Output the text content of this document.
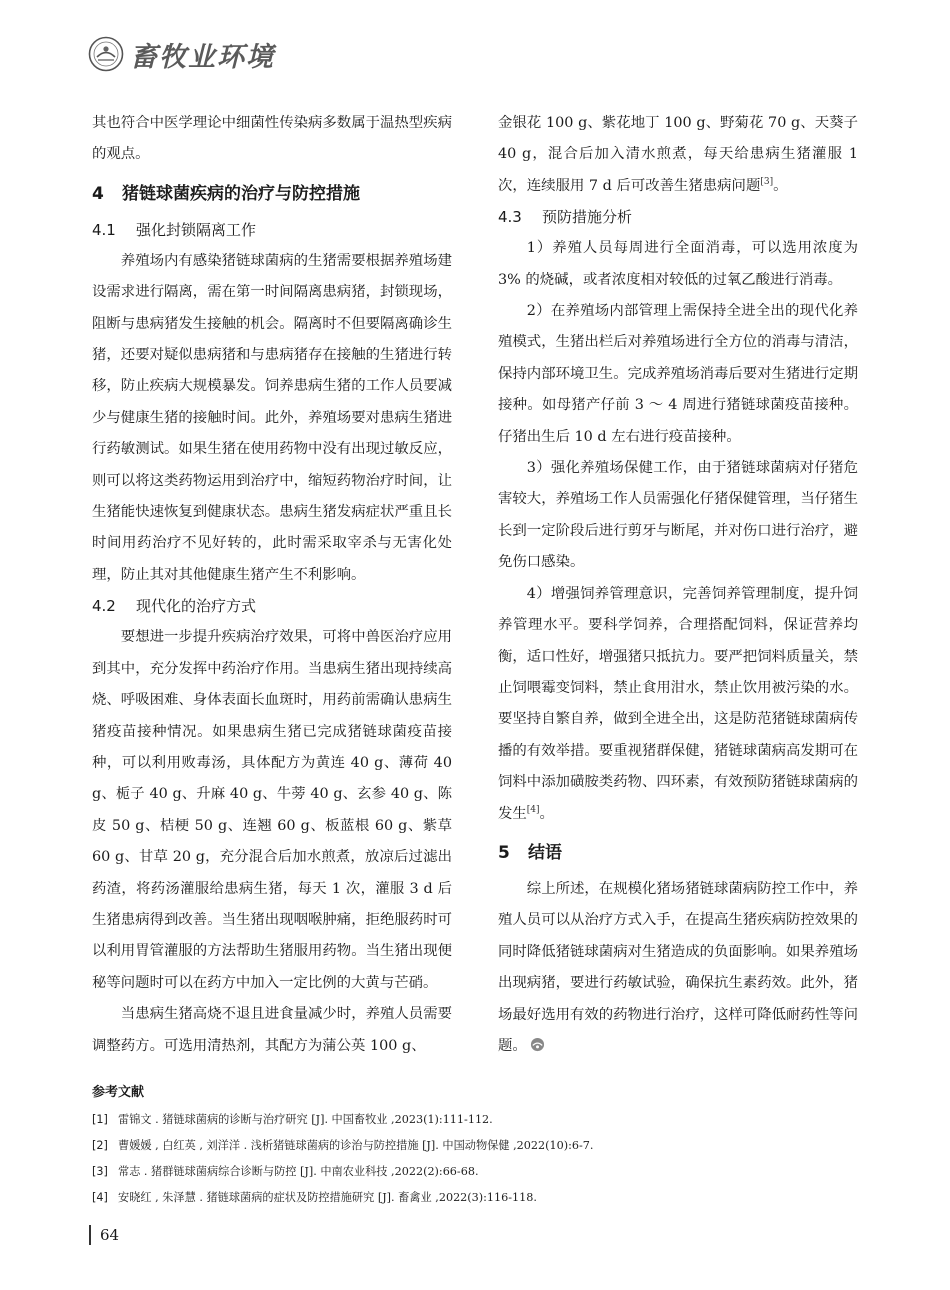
畜牧业环境

其也符合中医学理论中细菌性传染病多数属于温热型疾病的观点。

4 猪链球菌疾病的治疗与防控措施
4.1 强化封锁隔离工作

养殖场内有感染猪链球菌病的生猪需要根据养殖场建设需求进行隔离，需在第一时间隔离患病猪，封锁现场，阻断与患病猪发生接触的机会。隔离时不但要隔离确诊生猪，还要对疑似患病猪和与患病猪存在接触的生猪进行转移，防止疾病大规模暴发。饲养患病生猪的工作人员要减少与健康生猪的接触时间。此外，养殖场要对患病生猪进行药敏测试。如果生猪在使用药物中没有出现过敏反应，则可以将这类药物运用到治疗中，缩短药物治疗时间，让生猪能快速恢复到健康状态。患病生猪发病症状严重且长时间用药治疗不见好转的，此时需采取宰杀与无害化处理，防止其对其他健康生猪产生不利影响。

4.2 现代化的治疗方式

要想进一步提升疾病治疗效果，可将中兽医治疗应用到其中，充分发挥中药治疗作用。当患病生猪出现持续高烧、呼吸困难、身体表面长血斑时，用药前需确认患病生猪疫苗接种情况。如果患病生猪已完成猪链球菌疫苗接种，可以利用败毒汤，具体配方为黄连 40 g、薄荷 40 g、栀子 40 g、升麻 40 g、牛蒡 40 g、玄参 40 g、陈皮 50 g、桔梗 50 g、连翘 60 g、板蓝根 60 g、紫草 60 g、甘草 20 g，充分混合后加水煎煮，放凉后过滤出药渣，将药汤灌服给患病生猪，每天 1 次，灌服 3 d 后生猪患病得到改善。当生猪出现咽喉肿痛，拒绝服药时可以利用胃管灌服的方法帮助生猪服用药物。当生猪出现便秘等问题时可以在药方中加入一定比例的大黄与芒硝。

当患病生猪高烧不退且进食量减少时，养殖人员需要调整药方。可选用清热剂，其配方为蒲公英 100 g、

金银花 100 g、紫花地丁 100 g、野菊花 70 g、天葵子 40 g，混合后加入清水煎煮，每天给患病生猪灌服 1 次，连续服用 7 d 后可改善生猪患病问题[3]。

4.3 预防措施分析

1）养殖人员每周进行全面消毒，可以选用浓度为 3% 的烧碱，或者浓度相对较低的过氧乙酸进行消毒。

2）在养殖场内部管理上需保持全进全出的现代化养殖模式，生猪出栏后对养殖场进行全方位的消毒与清洁，保持内部环境卫生。完成养殖场消毒后要对生猪进行定期接种。如母猪产仔前 3 ～ 4 周进行猪链球菌疫苗接种。仔猪出生后 10 d 左右进行疫苗接种。

3）强化养殖场保健工作，由于猪链球菌病对仔猪危害较大，养殖场工作人员需强化仔猪保健管理，当仔猪生长到一定阶段后进行剪牙与断尾，并对伤口进行治疗，避免伤口感染。

4）增强饲养管理意识，完善饲养管理制度，提升饲养管理水平。要科学饲养，合理搭配饲料，保证营养均衡，适口性好，增强猪只抵抗力。要严把饲料质量关，禁止饲喂霉变饲料，禁止食用泔水，禁止饮用被污染的水。要坚持自繁自养，做到全进全出，这是防范猪链球菌病传播的有效举措。要重视猪群保健，猪链球菌病高发期可在饲料中添加磺胺类药物、四环素，有效预防猪链球菌病的发生[4]。

5 结语

综上所述，在规模化猪场猪链球菌病防控工作中，养殖人员可以从治疗方式入手，在提高生猪疾病防控效果的同时降低猪链球菌病对生猪造成的负面影响。如果养殖场出现病猪，要进行药敏试验，确保抗生素药效。此外，猪场最好选用有效的药物进行治疗，这样可降低耐药性等问题。

参考文献
[1] 雷锦文 . 猪链球菌病的诊断与治疗研究 [J]. 中国畜牧业 ,2023(1):111-112.
[2] 曹媛媛 , 白红英 , 刘洋洋 . 浅析猪链球菌病的诊治与防控措施 [J]. 中国动物保健 ,2022(10):6-7.
[3] 常志 . 猪群链球菌病综合诊断与防控 [J]. 中南农业科技 ,2022(2):66-68.
[4] 安晓红 , 朱泽慧 . 猪链球菌病的症状及防控措施研究 [J]. 畜禽业 ,2022(3):116-118.
64
